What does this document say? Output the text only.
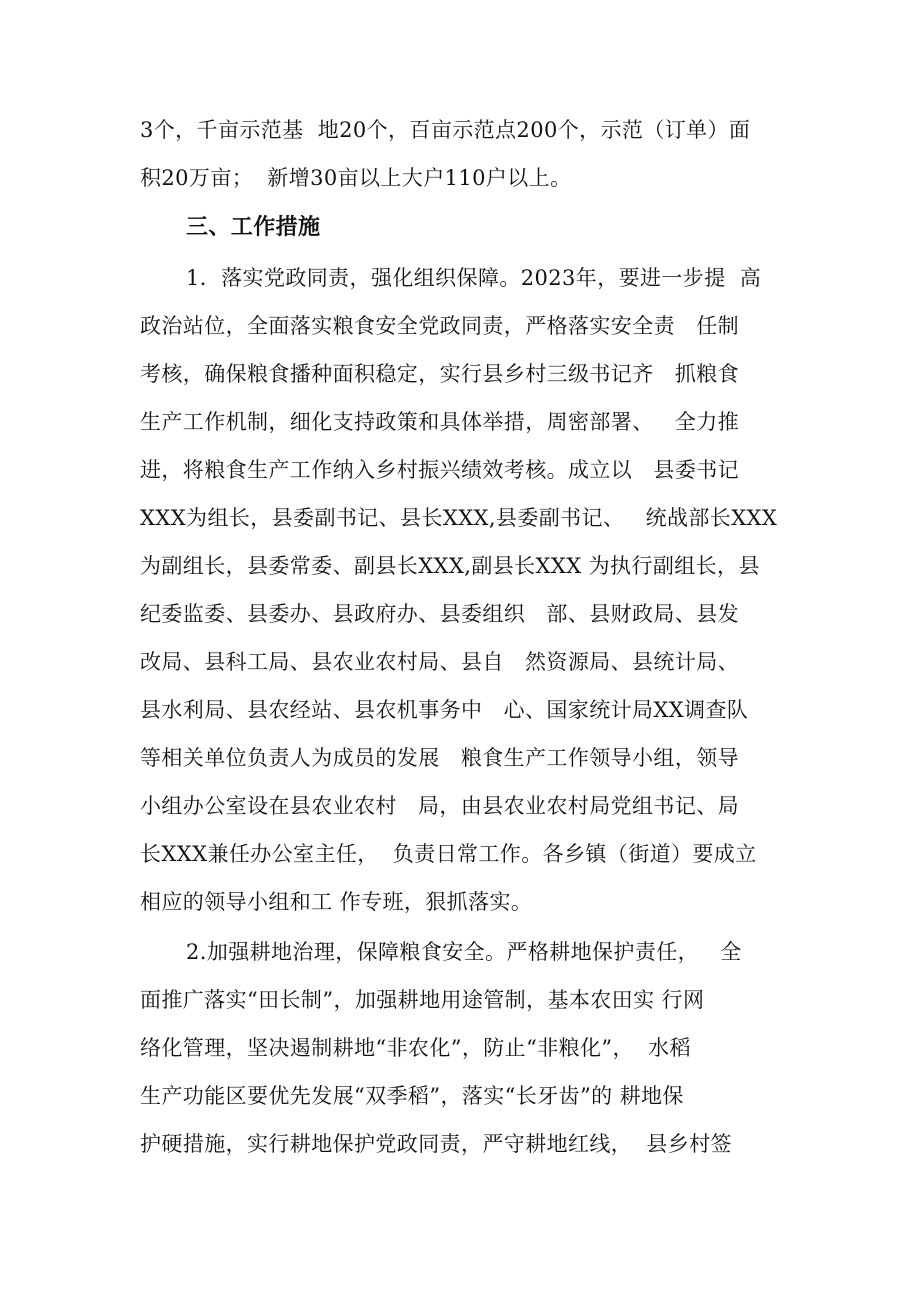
3个，千亩示范基  地20个，百亩示范点200个，示范（订单）面
积20万亩；  新增30亩以上大户110户以上。
三、工作措施
1．落实党政同责，强化组织保障。2023年，要进一步提  高
政治站位，全面落实粮食安全党政同责，严格落实安全责   任制
考核，确保粮食播种面积稳定，实行县乡村三级书记齐   抓粮食
生产工作机制，细化支持政策和具体举措，周密部署、   全力推
进，将粮食生产工作纳入乡村振兴绩效考核。成立以   县委书记
XXX为组长，县委副书记、县长XXX,县委副书记、   统战部长XXX
为副组长，县委常委、副县长XXX,副县长XXX 为执行副组长，县
纪委监委、县委办、县政府办、县委组织   部、县财政局、县发
改局、县科工局、县农业农村局、县自   然资源局、县统计局、
县水利局、县农经站、县农机事务中   心、国家统计局XX调查队
等相关单位负责人为成员的发展   粮食生产工作领导小组，领导
小组办公室设在县农业农村   局，由县农业农村局党组书记、局
长XXX兼任办公室主任，  负责日常工作。各乡镇（街道）要成立
相应的领导小组和工 作专班，狠抓落实。
2.加强耕地治理，保障粮食安全。严格耕地保护责任，   全
面推广落实“田长制”，加强耕地用途管制，基本农田实 行网
络化管理，坚决遏制耕地“非农化”，防止“非粮化”，  水稻
生产功能区要优先发展“双季稻”，落实“长牙齿”的 耕地保
护硬措施，实行耕地保护党政同责，严守耕地红线，  县乡村签
